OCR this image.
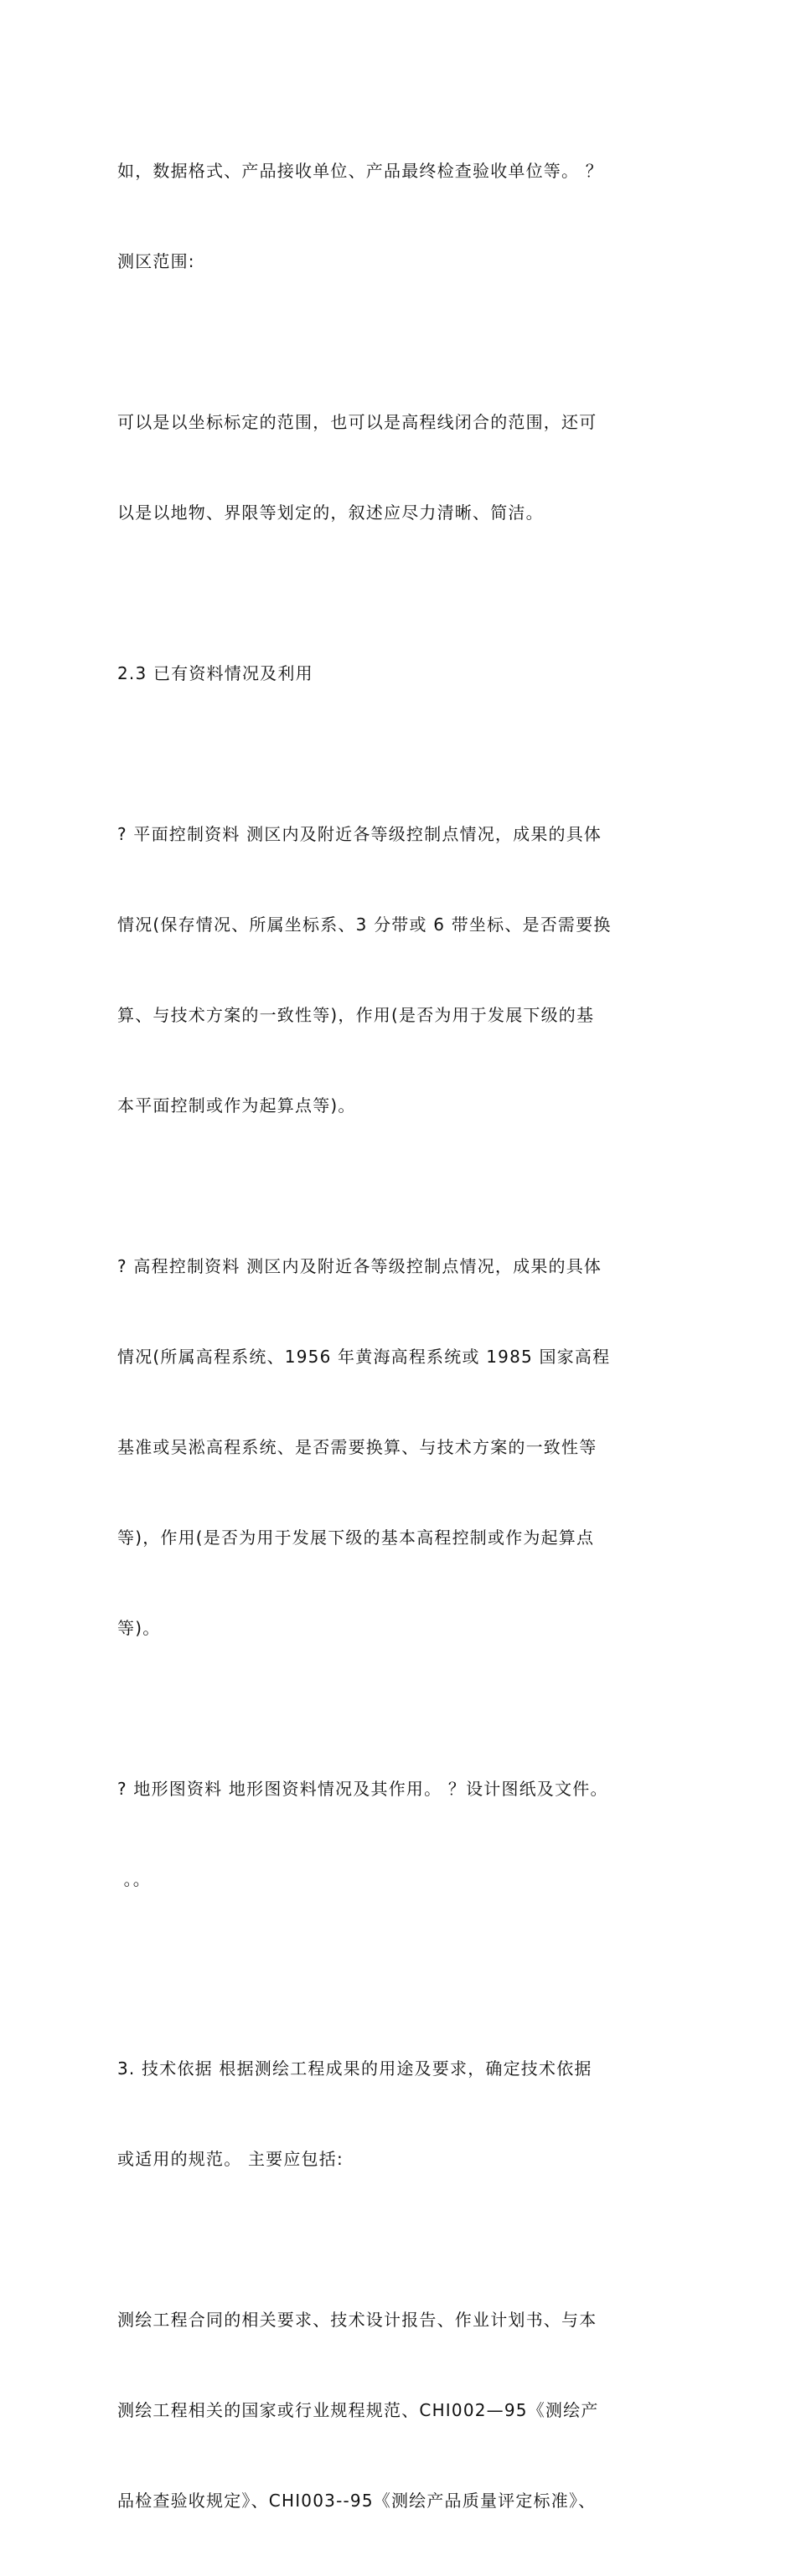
如，数据格式、产品接收单位、产品最终检查验收单位等。 ？

测区范围:

可以是以坐标标定的范围，也可以是高程线闭合的范围，还可

以是以地物、界限等划定的，叙述应尽力清晰、简洁。

2.3 已有资料情况及利用

? 平面控制资料 测区内及附近各等级控制点情况，成果的具体

情况(保存情况、所属坐标系、3 分带或 6 带坐标、是否需要换

算、与技术方案的一致性等)，作用(是否为用于发展下级的基

本平面控制或作为起算点等)。

? 高程控制资料 测区内及附近各等级控制点情况，成果的具体

情况(所属高程系统、1956 年黄海高程系统或 1985 国家高程

基准或吴淞高程系统、是否需要换算、与技术方案的一致性等

等)，作用(是否为用于发展下级的基本高程控制或作为起算点

等)。

? 地形图资料 地形图资料情况及其作用。 ？设计图纸及文件。

。。

3. 技术依据 根据测绘工程成果的用途及要求，确定技术依据

或适用的规范。 主要应包括:

测绘工程合同的相关要求、技术设计报告、作业计划书、与本

测绘工程相关的国家或行业规程规范、CHI002—95《测绘产

品检查验收规定》、CHI003--95《测绘产品质量评定标准》、
